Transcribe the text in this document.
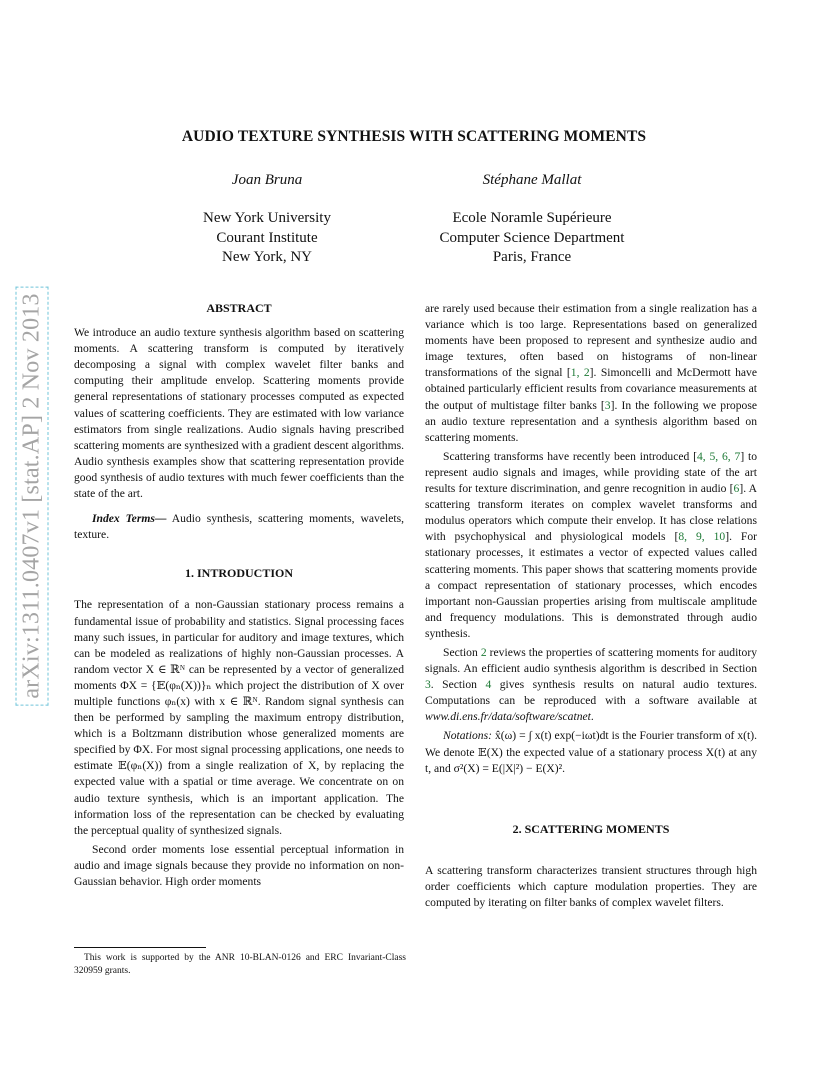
arXiv:1311.0407v1 [stat.AP] 2 Nov 2013
AUDIO TEXTURE SYNTHESIS WITH SCATTERING MOMENTS
Joan Bruna	Stéphane Mallat
New York University
Courant Institute
New York, NY
Ecole Noramle Supérieure
Computer Science Department
Paris, France

ABSTRACT

We introduce an audio texture synthesis algorithm based on scattering moments. A scattering transform is computed by iteratively decomposing a signal with complex wavelet filter banks and computing their amplitude envelop. Scattering moments provide general representations of stationary processes computed as expected values of scattering coefficients. They are estimated with low variance estimators from single realizations. Audio signals having prescribed scattering moments are synthesized with a gradient descent algorithms. Audio synthesis examples show that scattering representation provide good synthesis of audio textures with much fewer coefficients than the state of the art.

Index Terms— Audio synthesis, scattering moments, wavelets, texture.

1. INTRODUCTION

The representation of a non-Gaussian stationary process remains a fundamental issue of probability and statistics. Signal processing faces many such issues, in particular for auditory and image textures, which can be modeled as realizations of highly non-Gaussian processes. A random vector X ∈ ℝᴺ can be represented by a vector of generalized moments ΦX = {𝔼(φₙ(X))}ₙ which project the distribution of X over multiple functions φₙ(x) with x ∈ ℝᴺ. Random signal synthesis can then be performed by sampling the maximum entropy distribution, which is a Boltzmann distribution whose generalized moments are specified by ΦX. For most signal processing applications, one needs to estimate 𝔼(φₙ(X)) from a single realization of X, by replacing the expected value with a spatial or time average. We concentrate on on audio texture synthesis, which is an important application. The information loss of the representation can be checked by evaluating the perceptual quality of synthesized signals.

Second order moments lose essential perceptual information in audio and image signals because they provide no information on non-Gaussian behavior. High order moments

are rarely used because their estimation from a single realization has a variance which is too large. Representations based on generalized moments have been proposed to represent and synthesize audio and image textures, often based on histograms of non-linear transformations of the signal [1, 2]. Simoncelli and McDermott have obtained particularly efficient results from covariance measurements at the output of multistage filter banks [3]. In the following we propose an audio texture representation and a synthesis algorithm based on scattering moments.

Scattering transforms have recently been introduced [4, 5, 6, 7] to represent audio signals and images, while providing state of the art results for texture discrimination, and genre recognition in audio [6]. A scattering transform iterates on complex wavelet transforms and modulus operators which compute their envelop. It has close relations with psychophysical and physiological models [8, 9, 10]. For stationary processes, it estimates a vector of expected values called scattering moments. This paper shows that scattering moments provide a compact representation of stationary processes, which encodes important non-Gaussian properties arising from multiscale amplitude and frequency modulations. This is demonstrated through audio synthesis.

Section 2 reviews the properties of scattering moments for auditory signals. An efficient audio synthesis algorithm is described in Section 3. Section 4 gives synthesis results on natural audio textures. Computations can be reproduced with a software available at www.di.ens.fr/data/software/scatnet.

Notations: x̂(ω) = ∫ x(t) exp(−iωt)dt is the Fourier transform of x(t). We denote 𝔼(X) the expected value of a stationary process X(t) at any t, and σ²(X) = E(|X|²) − E(X)².

2. SCATTERING MOMENTS

A scattering transform characterizes transient structures through high order coefficients which capture modulation properties. They are computed by iterating on filter banks of complex wavelet filters.

This work is supported by the ANR 10-BLAN-0126 and ERC Invariant-Class 320959 grants.
